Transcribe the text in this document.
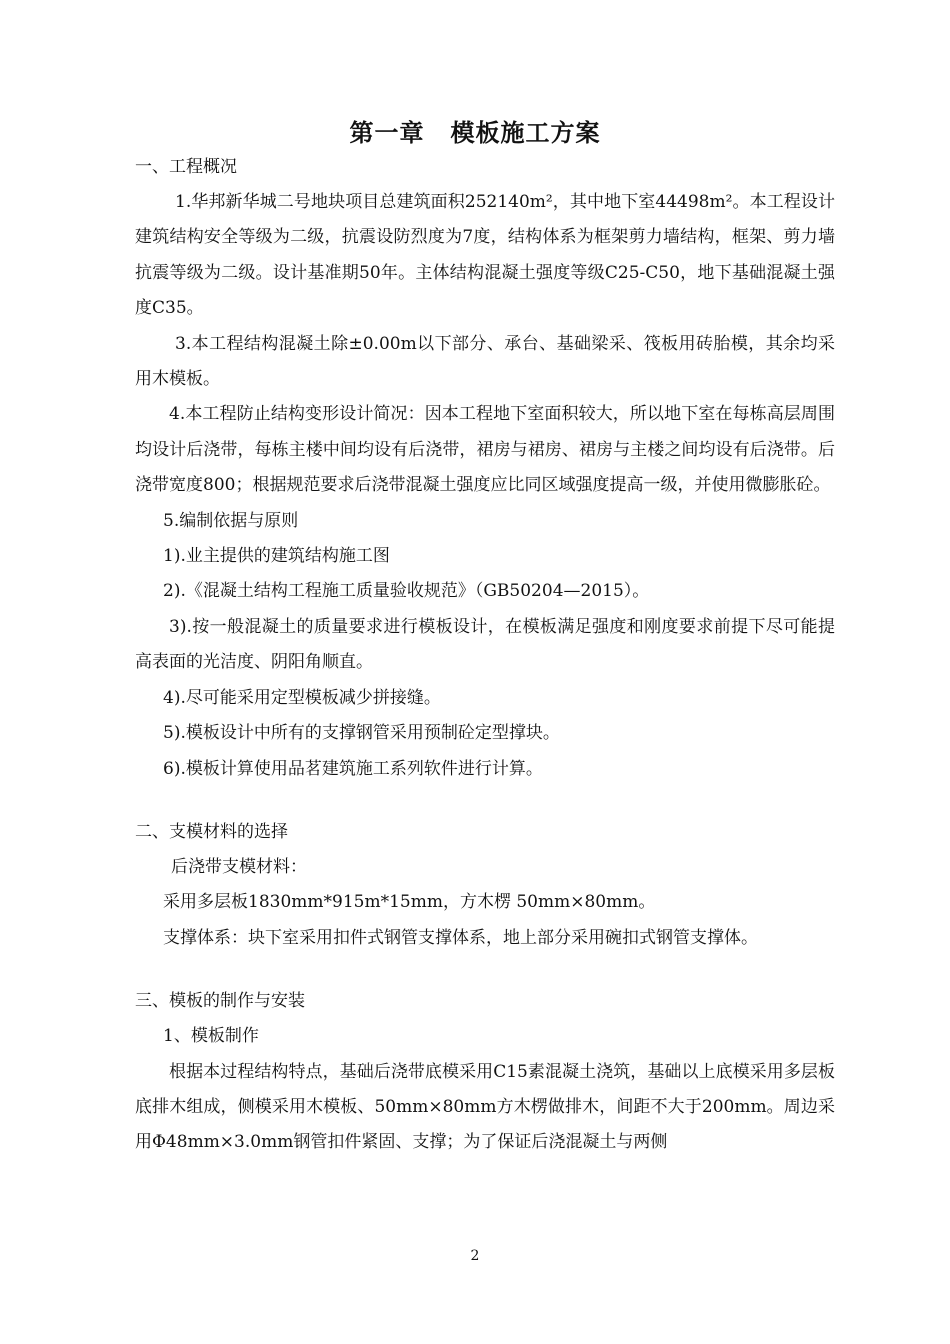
第一章 模板施工方案

一、工程概况

1.华邦新华城二号地块项目总建筑面积252140m²，其中地下室44498m²。本工程设计建筑结构安全等级为二级，抗震设防烈度为7度，结构体系为框架剪力墙结构，框架、剪力墙抗震等级为二级。设计基准期50年。主体结构混凝土强度等级C25-C50，地下基础混凝土强度C35。

3.本工程结构混凝土除±0.00m以下部分、承台、基础梁采、筏板用砖胎模，其余均采用木模板。

4.本工程防止结构变形设计简况：因本工程地下室面积较大，所以地下室在每栋高层周围均设计后浇带，每栋主楼中间均设有后浇带，裙房与裙房、裙房与主楼之间均设有后浇带。后浇带宽度800；根据规范要求后浇带混凝土强度应比同区域强度提高一级，并使用微膨胀砼。

5.编制依据与原则

1).业主提供的建筑结构施工图

2).《混凝土结构工程施工质量验收规范》（GB50204—2015）。

3).按一般混凝土的质量要求进行模板设计，在模板满足强度和刚度要求前提下尽可能提高表面的光洁度、阴阳角顺直。

4).尽可能采用定型模板减少拼接缝。

5).模板设计中所有的支撑钢管采用预制砼定型撑块。

6).模板计算使用品茗建筑施工系列软件进行计算。

二、支模材料的选择

后浇带支模材料：

采用多层板1830mm*915m*15mm，方木楞 50mm×80mm。

支撑体系：块下室采用扣件式钢管支撑体系，地上部分采用碗扣式钢管支撑体。

三、模板的制作与安装

1、模板制作

根据本过程结构特点，基础后浇带底模采用C15素混凝土浇筑，基础以上底模采用多层板底排木组成，侧模采用木模板、50mm×80mm方木楞做排木，间距不大于200mm。周边采用Φ48mm×3.0mm钢管扣件紧固、支撑；为了保证后浇混凝土与两侧

2
